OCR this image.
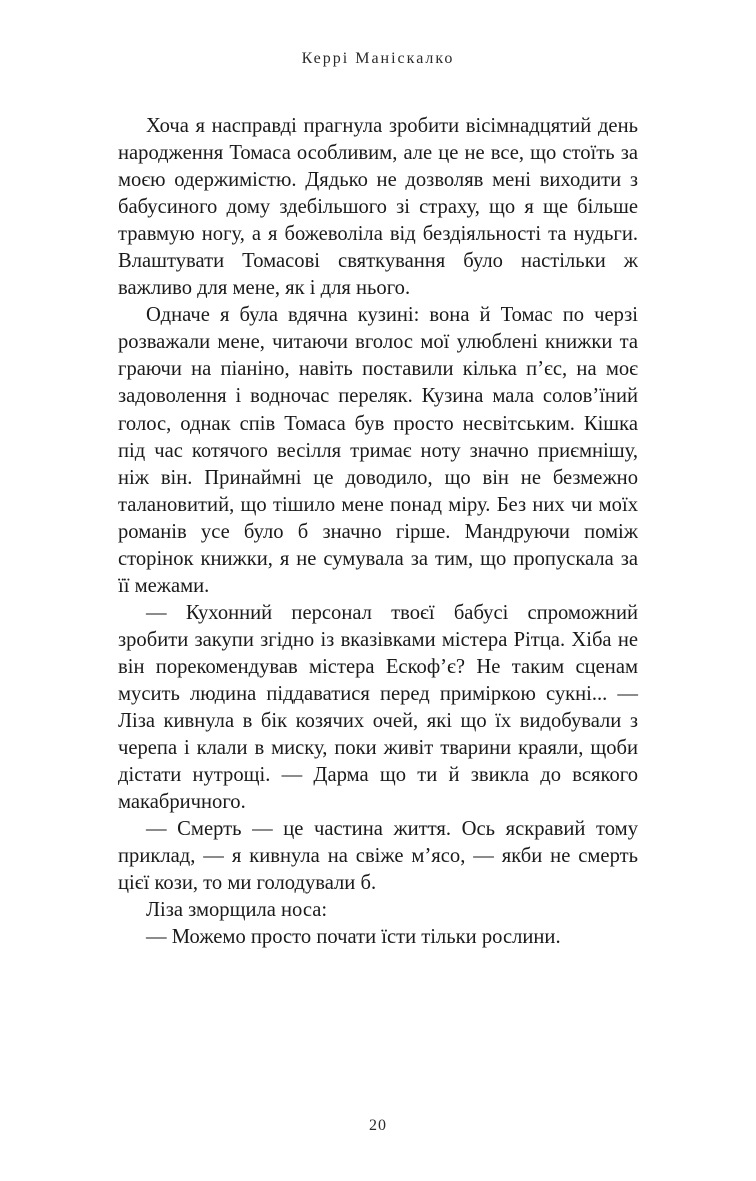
Керрі Маніскалко

Хоча я насправді прагнула зробити вісімнадцятий день народження Томаса особливим, але це не все, що стоїть за моєю одержимістю. Дядько не дозволяв мені виходити з бабусиного дому здебільшого зі страху, що я ще більше травмую ногу, а я божеволіла від бездіяльності та нудьги. Влаштувати Томасові святкування було настільки ж важливо для мене, як і для нього.

Одначе я була вдячна кузині: вона й Томас по черзі розважали мене, читаючи вголос мої улюблені книжки та граючи на піаніно, навіть поставили кілька п’єс, на моє задоволення і водночас переляк. Кузина мала солов’їний голос, однак спів Томаса був просто несвітським. Кішка під час котячого весілля тримає ноту значно приємнішу, ніж він. Принаймні це доводило, що він не безмежно талановитий, що тішило мене понад міру. Без них чи моїх романів усе було б значно гірше. Мандруючи поміж сторінок книжки, я не сумувала за тим, що пропускала за її межами.

— Кухонний персонал твоєї бабусі спроможний зробити закупи згідно із вказівками містера Рітца. Хіба не він порекомендував містера Ескоф’є? Не таким сценам мусить людина піддаватися перед приміркою сукні... — Ліза кивнула в бік козячих очей, які що їх видобували з черепа і клали в миску, поки живіт тварини краяли, щоби дістати нутрощі. — Дарма що ти й звикла до всякого макабричного.

— Смерть — це частина життя. Ось яскравий тому приклад, — я кивнула на свіже м’ясо, — якби не смерть цієї кози, то ми голодували б.

Ліза зморщила носа:

— Можемо просто почати їсти тільки рослини.

20
